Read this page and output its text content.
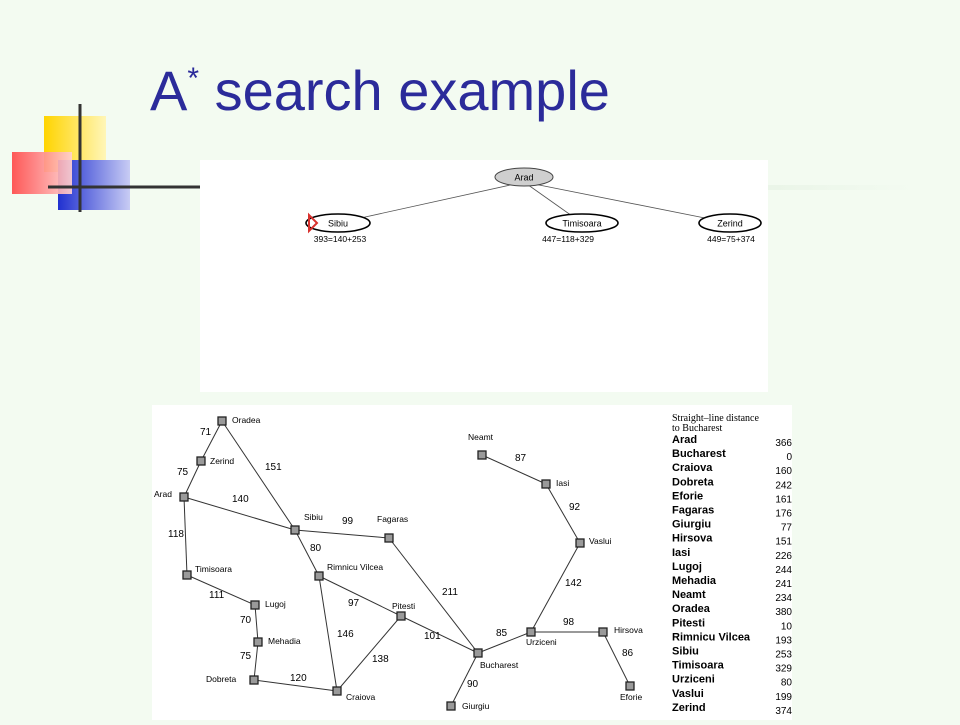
A* search example
Arad
Sibiu
393=140+253
Timisoara
447=118+329
Zerind
449=75+374
71
75	151
140
118
111
70
75
120
99
80
97
146
138
211
101
90
85
98
86
142
92
87
Oradea
Zerind
Arad
Timisoara
Lugoj
Mehadia
Dobreta
Craiova
Rimnicu Vilcea
Sibiu	Fagaras
Pitesti
Bucharest
Giurgiu
Urziceni
Hirsova
Eforie
Vaslui
Iasi
Neamt
Straight–line distance
to Bucharest
Arad	366
Bucharest	0
Craiova	160
Dobreta	242
Eforie	161
Fagaras	176
Giurgiu	77
Hirsova	151
Iasi	226
Lugoj	244
Mehadia	241
Neamt	234
Oradea	380
Pitesti	10
Rimnicu Vilcea	193
Sibiu	253
Timisoara	329
Urziceni	80
Vaslui	199
Zerind	374
